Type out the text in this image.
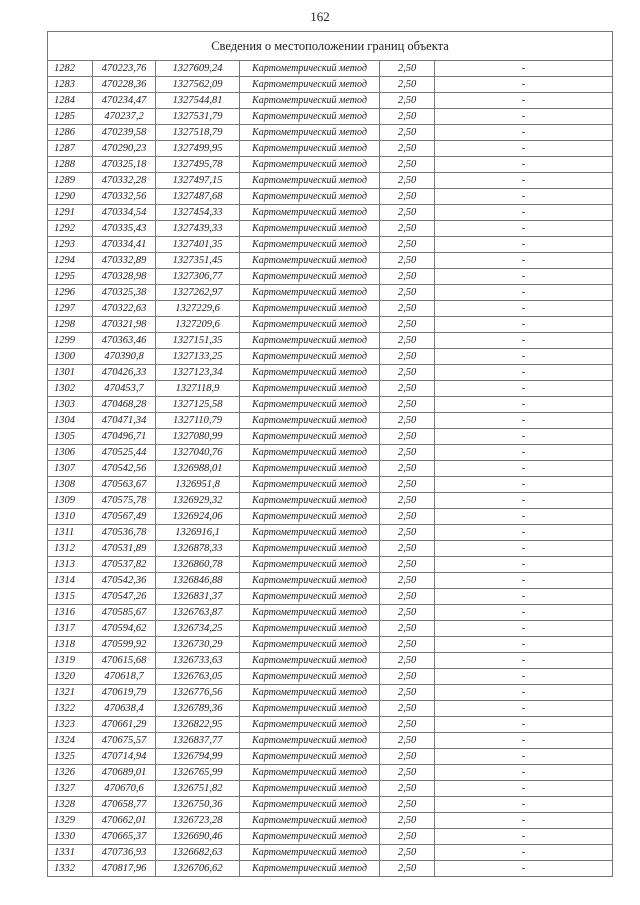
162
Сведения о местоположении границ объекта					
1282	470223,76	1327609,24	Картометрический метод	2,50	-
1283	470228,36	1327562,09	Картометрический метод	2,50	-
1284	470234,47	1327544,81	Картометрический метод	2,50	-
1285	470237,2	1327531,79	Картометрический метод	2,50	-
1286	470239,58	1327518,79	Картометрический метод	2,50	-
1287	470290,23	1327499,95	Картометрический метод	2,50	-
1288	470325,18	1327495,78	Картометрический метод	2,50	-
1289	470332,28	1327497,15	Картометрический метод	2,50	-
1290	470332,56	1327487,68	Картометрический метод	2,50	-
1291	470334,54	1327454,33	Картометрический метод	2,50	-
1292	470335,43	1327439,33	Картометрический метод	2,50	-
1293	470334,41	1327401,35	Картометрический метод	2,50	-
1294	470332,89	1327351,45	Картометрический метод	2,50	-
1295	470328,98	1327306,77	Картометрический метод	2,50	-
1296	470325,38	1327262,97	Картометрический метод	2,50	-
1297	470322,63	1327229,6	Картометрический метод	2,50	-
1298	470321,98	1327209,6	Картометрический метод	2,50	-
1299	470363,46	1327151,35	Картометрический метод	2,50	-
1300	470390,8	1327133,25	Картометрический метод	2,50	-
1301	470426,33	1327123,34	Картометрический метод	2,50	-
1302	470453,7	1327118,9	Картометрический метод	2,50	-
1303	470468,28	1327125,58	Картометрический метод	2,50	-
1304	470471,34	1327110,79	Картометрический метод	2,50	-
1305	470496,71	1327080,99	Картометрический метод	2,50	-
1306	470525,44	1327040,76	Картометрический метод	2,50	-
1307	470542,56	1326988,01	Картометрический метод	2,50	-
1308	470563,67	1326951,8	Картометрический метод	2,50	-
1309	470575,78	1326929,32	Картометрический метод	2,50	-
1310	470567,49	1326924,06	Картометрический метод	2,50	-
1311	470536,78	1326916,1	Картометрический метод	2,50	-
1312	470531,89	1326878,33	Картометрический метод	2,50	-
1313	470537,82	1326860,78	Картометрический метод	2,50	-
1314	470542,36	1326846,88	Картометрический метод	2,50	-
1315	470547,26	1326831,37	Картометрический метод	2,50	-
1316	470585,67	1326763,87	Картометрический метод	2,50	-
1317	470594,62	1326734,25	Картометрический метод	2,50	-
1318	470599,92	1326730,29	Картометрический метод	2,50	-
1319	470615,68	1326733,63	Картометрический метод	2,50	-
1320	470618,7	1326763,05	Картометрический метод	2,50	-
1321	470619,79	1326776,56	Картометрический метод	2,50	-
1322	470638,4	1326789,36	Картометрический метод	2,50	-
1323	470661,29	1326822,95	Картометрический метод	2,50	-
1324	470675,57	1326837,77	Картометрический метод	2,50	-
1325	470714,94	1326794,99	Картометрический метод	2,50	-
1326	470689,01	1326765,99	Картометрический метод	2,50	-
1327	470670,6	1326751,82	Картометрический метод	2,50	-
1328	470658,77	1326750,36	Картометрический метод	2,50	-
1329	470662,01	1326723,28	Картометрический метод	2,50	-
1330	470665,37	1326690,46	Картометрический метод	2,50	-
1331	470736,93	1326682,63	Картометрический метод	2,50	-
1332	470817,96	1326706,62	Картометрический метод	2,50	-
